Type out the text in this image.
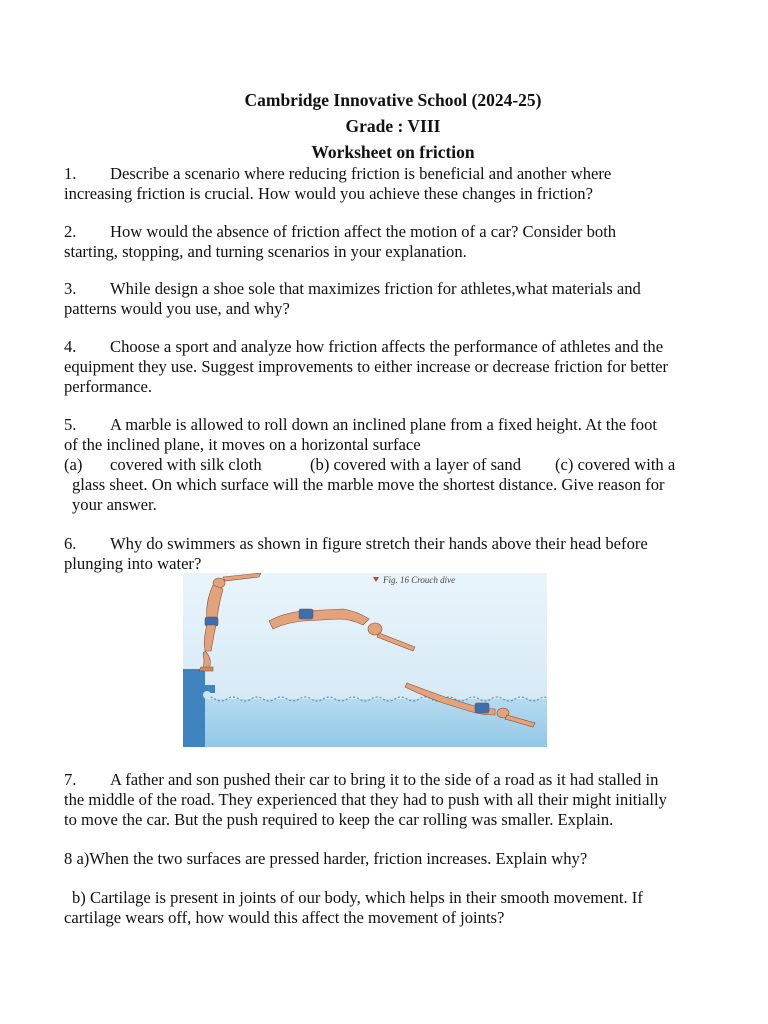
Cambridge Innovative School (2024-25)
Grade : VIII
Worksheet on friction
1. Describe a scenario where reducing friction is beneficial and another where
increasing friction is crucial. How would you achieve these changes in friction?
2. How would the absence of friction affect the motion of a car? Consider both
starting, stopping, and turning scenarios in your explanation.
3. While design a shoe sole that maximizes friction for athletes,what materials and
patterns would you use, and why?
4. Choose a sport and analyze how friction affects the performance of athletes and the
equipment they use. Suggest improvements to either increase or decrease friction for better
performance.
5. A marble is allowed to roll down an inclined plane from a fixed height. At the foot
of the inclined plane, it moves on a horizontal surface
(a) covered with silk cloth	(b) covered with a layer of sand (c) covered with a
glass sheet. On which surface will the marble move the shortest distance. Give reason for
your answer.
6. Why do swimmers as shown in figure stretch their hands above their head before
plunging into water?
Fig. 16 Crouch dive
7. A father and son pushed their car to bring it to the side of a road as it had stalled in
the middle of the road. They experienced that they had to push with all their might initially
to move the car. But the push required to keep the car rolling was smaller. Explain.
8 a)When the two surfaces are pressed harder, friction increases. Explain why?
b) Cartilage is present in joints of our body, which helps in their smooth movement. If
cartilage wears off, how would this affect the movement of joints?
